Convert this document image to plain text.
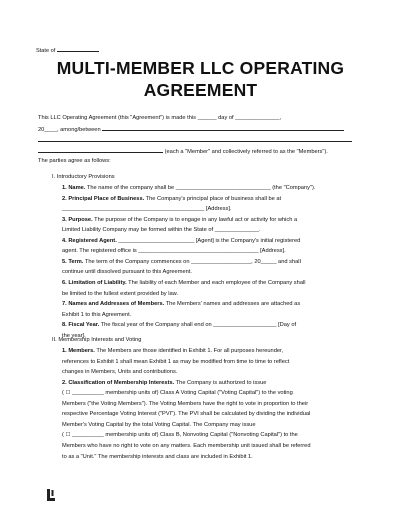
State of
MULTI-MEMBER LLC OPERATING
AGREEMENT
This LLC Operating Agreement (this "Agreement") is made this ______ day of ______________,
20____, among/between
(each a "Member" and collectively referred to as the "Members").
The parties agree as follows:
I. Introductory Provisions
1. Name. The name of the company shall be ______________________________ (the "Company").
2. Principal Place of Business. The Company's principal place of business shall be at
_____________________________________________ [Address].
3. Purpose. The purpose of the Company is to engage in any lawful act or activity for which a
Limited Liability Company may be formed within the State of ______________.
4. Registered Agent. ________________________ [Agent] is the Company's initial registered
agent. The registered office is ______________________________________ [Address].
5. Term. The term of the Company commences on ___________________, 20_____ and shall
continue until dissolved pursuant to this Agreement.
6. Limitation of Liability. The liability of each Member and each employee of the Company shall
be limited to the fullest extent provided by law.
7. Names and Addresses of Members. The Members' names and addresses are attached as
Exhibit 1 to this Agreement.
8. Fiscal Year. The fiscal year of the Company shall end on ____________________ [Day of
the year].
II. Membership Interests and Voting
1. Members. The Members are those identified in Exhibit 1. For all purposes hereunder,
references to Exhibit 1 shall mean Exhibit 1 as may be modified from time to time to reflect
changes in Members, Units and contributions.
2. Classification of Membership Interests. The Company is authorized to issue
( ☐ __________ membership units of) Class A Voting Capital ("Voting Capital") to the voting
Members ("the Voting Members"). The Voting Members have the right to vote in proportion to their
respective Percentage Voting Interest ("PVI"). The PVI shall be calculated by dividing the individual
Member's Voting Capital by the total Voting Capital. The Company may issue
( ☐ __________ membership units of) Class B, Nonvoting Capital ("Nonvoting Capital") to the
Members who have no right to vote on any matters. Each membership unit issued shall be referred
to as a "Unit." The membership interests and class are included in Exhibit 1.
